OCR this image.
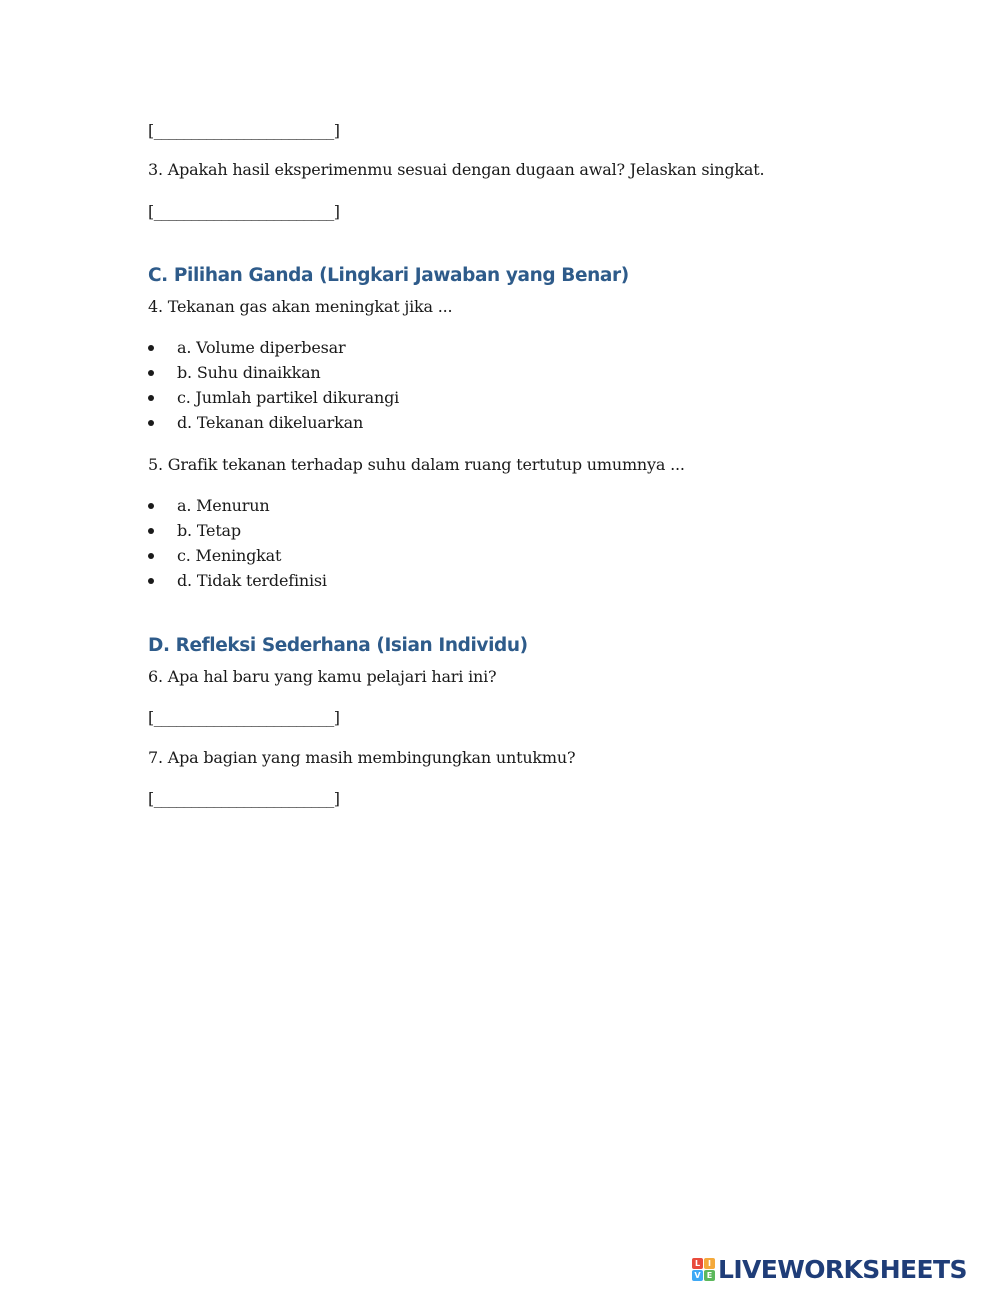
[________________________]
3. Apakah hasil eksperimenmu sesuai dengan dugaan awal? Jelaskan singkat.
[________________________]
C. Pilihan Ganda (Lingkari Jawaban yang Benar)
4. Tekanan gas akan meningkat jika ...
a. Volume diperbesar
b. Suhu dinaikkan
c. Jumlah partikel dikurangi
d. Tekanan dikeluarkan
5. Grafik tekanan terhadap suhu dalam ruang tertutup umumnya ...
a. Menurun
b. Tetap
c. Meningkat
d. Tidak terdefinisi
D. Refleksi Sederhana (Isian Individu)
6. Apa hal baru yang kamu pelajari hari ini?
[________________________]
7. Apa bagian yang masih membingungkan untukmu?
[________________________]
L I
V E LIVEWORKSHEETS
